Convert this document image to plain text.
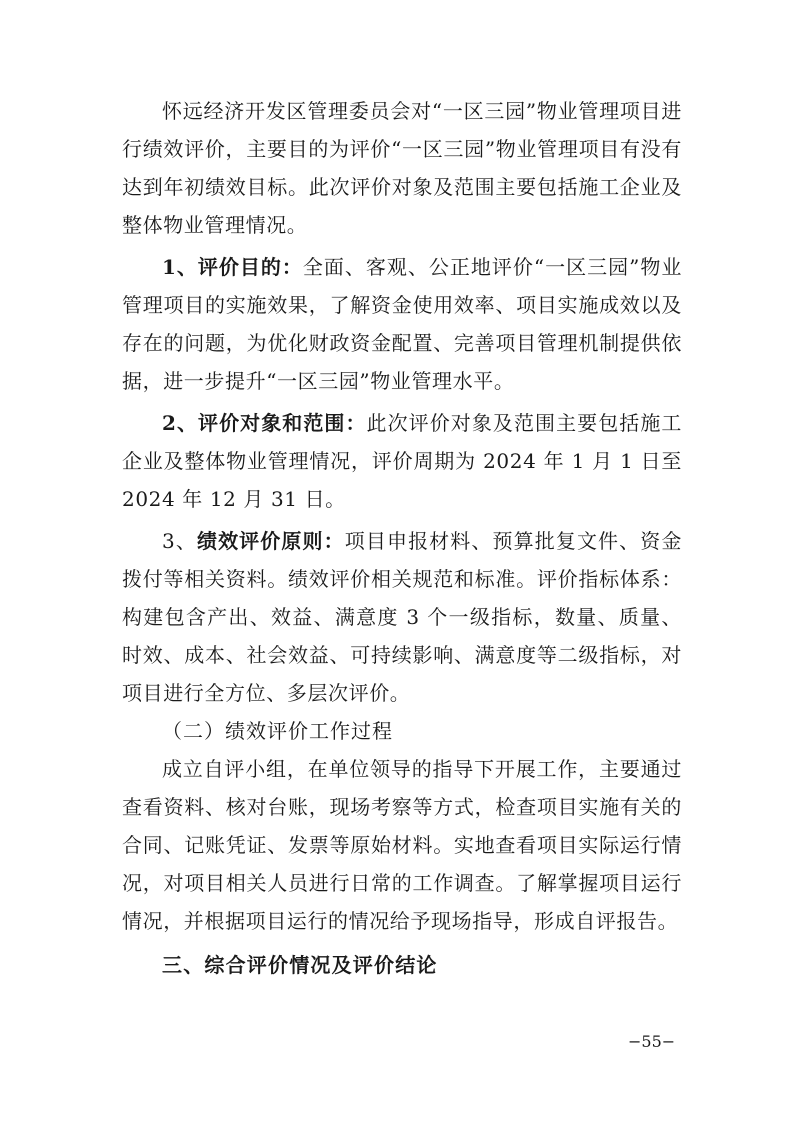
怀远经济开发区管理委员会对“一区三园”物业管理项目进行绩效评价，主要目的为评价“一区三园”物业管理项目有没有达到年初绩效目标。此次评价对象及范围主要包括施工企业及整体物业管理情况。

1、评价目的：全面、客观、公正地评价“一区三园”物业管理项目的实施效果，了解资金使用效率、项目实施成效以及存在的问题，为优化财政资金配置、完善项目管理机制提供依据，进一步提升“一区三园”物业管理水平。

2、评价对象和范围：此次评价对象及范围主要包括施工企业及整体物业管理情况，评价周期为 2024 年 1 月 1 日至 2024 年 12 月 31 日。

3、绩效评价原则：项目申报材料、预算批复文件、资金拨付等相关资料。绩效评价相关规范和标准。评价指标体系：构建包含产出、效益、满意度 3 个一级指标，数量、质量、时效、成本、社会效益、可持续影响、满意度等二级指标，对项目进行全方位、多层次评价。

（二）绩效评价工作过程

成立自评小组，在单位领导的指导下开展工作，主要通过查看资料、核对台账，现场考察等方式，检查项目实施有关的合同、记账凭证、发票等原始材料。实地查看项目实际运行情况，对项目相关人员进行日常的工作调查。了解掌握项目运行情况，并根据项目运行的情况给予现场指导，形成自评报告。

三、综合评价情况及评价结论

−55−
